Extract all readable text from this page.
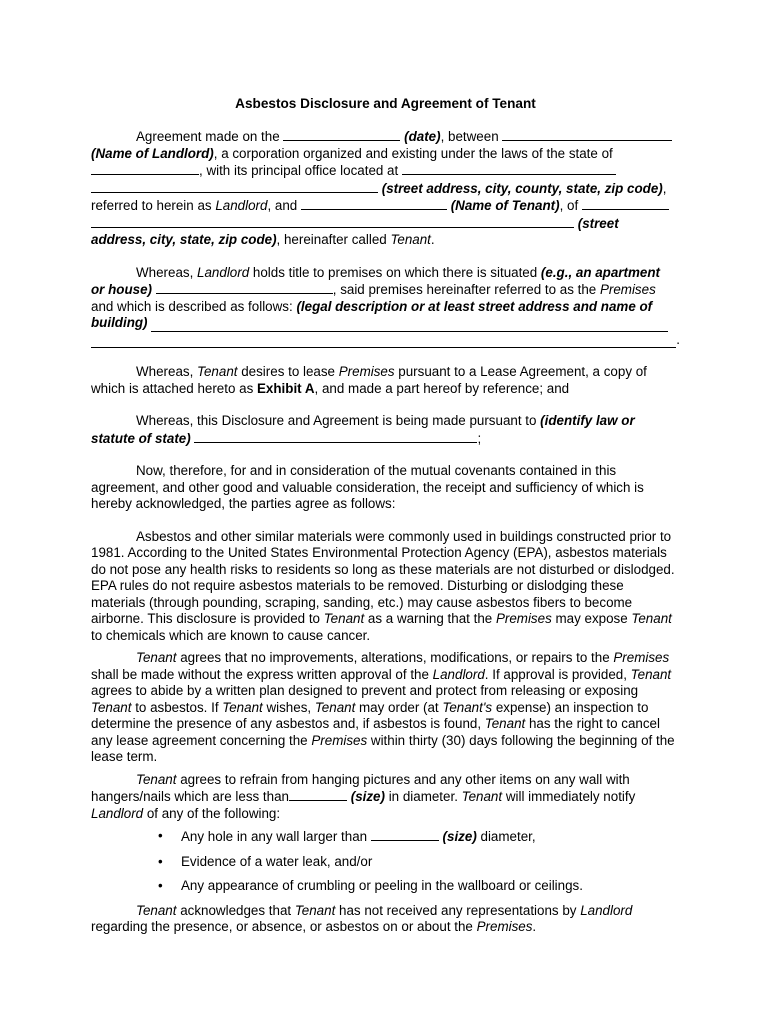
Asbestos Disclosure and Agreement of Tenant

Agreement made on the	(date), between

(Name of Landlord), a corporation organized and existing under the laws of the state of

, with its principal office located at

(street address, city, county, state, zip code),

referred to herein as Landlord, and	(Name of Tenant), of

(street

address, city, state, zip code), hereinafter called Tenant.

Whereas, Landlord holds title to premises on which there is situated (e.g., an apartment

or house)	, said premises hereinafter referred to as the Premises

and which is described as follows: (legal description or at least street address and name of

building)

.

Whereas, Tenant desires to lease Premises pursuant to a Lease Agreement, a copy of which is attached hereto as Exhibit A, and made a part hereof by reference; and

Whereas, this Disclosure and Agreement is being made pursuant to (identify law or

statute of state)	;

Now, therefore, for and in consideration of the mutual covenants contained in this agreement, and other good and valuable consideration, the receipt and sufficiency of which is hereby acknowledged, the parties agree as follows:

Asbestos and other similar materials were commonly used in buildings constructed prior to 1981. According to the United States Environmental Protection Agency (EPA), asbestos materials do not pose any health risks to residents so long as these materials are not disturbed or dislodged. EPA rules do not require asbestos materials to be removed. Disturbing or dislodging these materials (through pounding, scraping, sanding, etc.) may cause asbestos fibers to become airborne. This disclosure is provided to Tenant as a warning that the Premises may expose Tenant to chemicals which are known to cause cancer.

Tenant agrees that no improvements, alterations, modifications, or repairs to the Premises shall be made without the express written approval of the Landlord. If approval is provided, Tenant agrees to abide by a written plan designed to prevent and protect from releasing or exposing Tenant to asbestos. If Tenant wishes, Tenant may order (at Tenant's expense) an inspection to determine the presence of any asbestos and, if asbestos is found, Tenant has the right to cancel any lease agreement concerning the Premises within thirty (30) days following the beginning of the lease term.

Tenant agrees to refrain from hanging pictures and any other items on any wall with hangers/nails which are less than	(size) in diameter. Tenant will immediately notify Landlord of any of the following:

• Any hole in any wall larger than	(size) diameter,
• Evidence of a water leak, and/or
• Any appearance of crumbling or peeling in the wallboard or ceilings.

Tenant acknowledges that Tenant has not received any representations by Landlord regarding the presence, or absence, or asbestos on or about the Premises.
